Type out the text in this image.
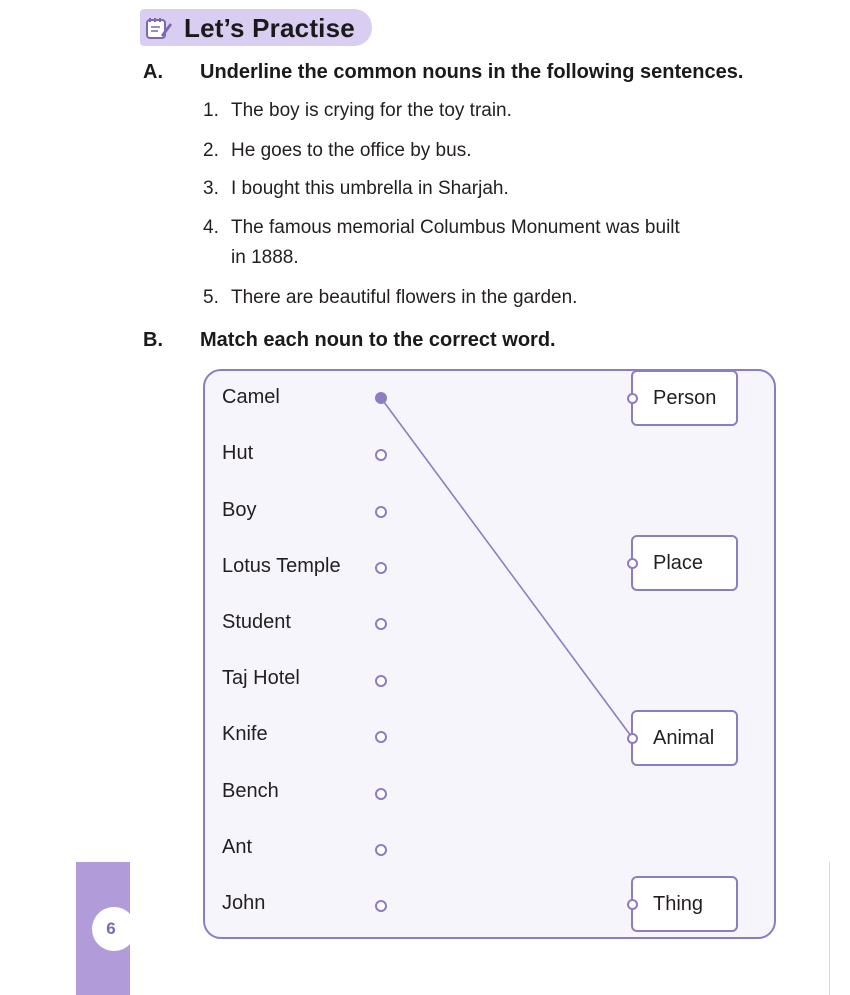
Let’s Practise
A. Underline the common nouns in the following sentences.
1. The boy is crying for the toy train.
2. He goes to the office by bus.
3. I bought this umbrella in Sharjah.
4. The famous memorial Columbus Monument was built
in 1888.
5. There are beautiful flowers in the garden.
B. Match each noun to the correct word.
Camel
Hut
Boy
Lotus Temple
Student
Taj Hotel
Knife
Bench
Ant
John
Person
Place
Animal
Thing
6
